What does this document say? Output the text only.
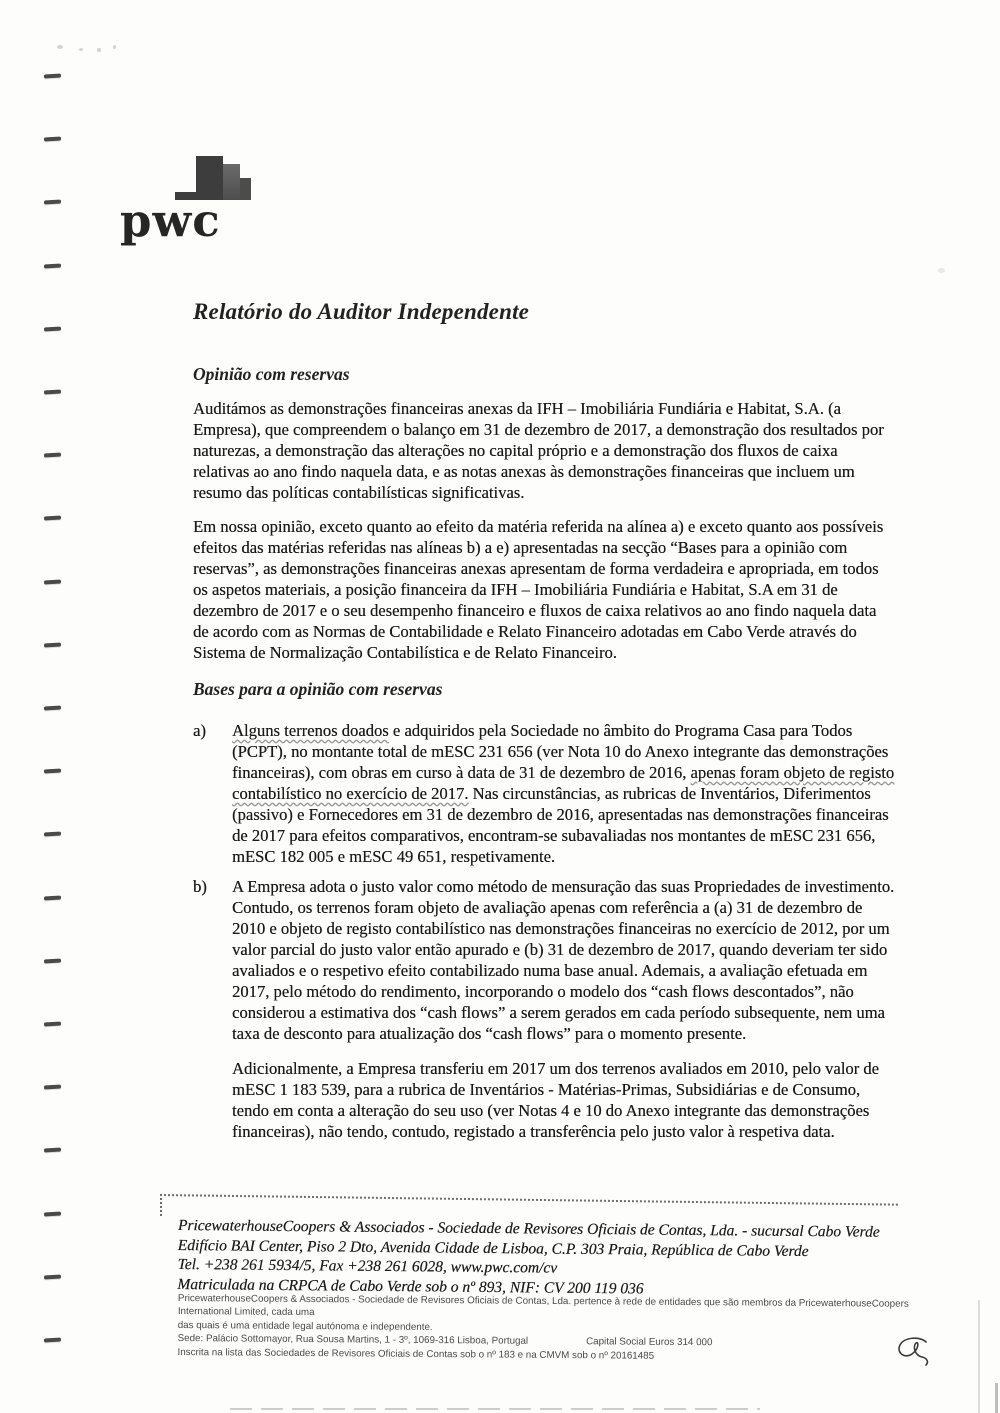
pwc
Relatório do Auditor Independente
Opinião com reservas

Auditámos as demonstrações financeiras anexas da IFH – Imobiliária Fundiária e Habitat, S.A. (a Empresa), que compreendem o balanço em 31 de dezembro de 2017, a demonstração dos resultados por naturezas, a demonstração das alterações no capital próprio e a demonstração dos fluxos de caixa relativas ao ano findo naquela data, e as notas anexas às demonstrações financeiras que incluem um resumo das políticas contabilísticas significativas.

Em nossa opinião, exceto quanto ao efeito da matéria referida na alínea a) e exceto quanto aos possíveis efeitos das matérias referidas nas alíneas b) a e) apresentadas na secção “Bases para a opinião com reservas”, as demonstrações financeiras anexas apresentam de forma verdadeira e apropriada, em todos os aspetos materiais, a posição financeira da IFH – Imobiliária Fundiária e Habitat, S.A em 31 de dezembro de 2017 e o seu desempenho financeiro e fluxos de caixa relativos ao ano findo naquela data de acordo com as Normas de Contabilidade e Relato Financeiro adotadas em Cabo Verde através do Sistema de Normalização Contabilística e de Relato Financeiro.

Bases para a opinião com reservas
a)	Alguns terrenos doados e adquiridos pela Sociedade no âmbito do Programa Casa para Todos (PCPT), no montante total de mESC 231 656 (ver Nota 10 do Anexo integrante das demonstrações financeiras), com obras em curso à data de 31 de dezembro de 2016, apenas foram objeto de registo contabilístico no exercício de 2017. Nas circunstâncias, as rubricas de Inventários, Diferimentos (passivo) e Fornecedores em 31 de dezembro de 2016, apresentadas nas demonstrações financeiras de 2017 para efeitos comparativos, encontram-se subavaliadas nos montantes de mESC 231 656, mESC 182 005 e mESC 49 651, respetivamente.
b)	A Empresa adota o justo valor como método de mensuração das suas Propriedades de investimento. Contudo, os terrenos foram objeto de avaliação apenas com referência a (a) 31 de dezembro de 2010 e objeto de registo contabilístico nas demonstrações financeiras no exercício de 2012, por um valor parcial do justo valor então apurado e (b) 31 de dezembro de 2017, quando deveriam ter sido avaliados e o respetivo efeito contabilizado numa base anual. Ademais, a avaliação efetuada em 2017, pelo método do rendimento, incorporando o modelo dos “cash flows descontados”, não considerou a estimativa dos “cash flows” a serem gerados em cada período subsequente, nem uma taxa de desconto para atualização dos “cash flows” para o momento presente.

Adicionalmente, a Empresa transferiu em 2017 um dos terrenos avaliados em 2010, pelo valor de mESC 1 183 539, para a rubrica de Inventários - Matérias-Primas, Subsidiárias e de Consumo, tendo em conta a alteração do seu uso (ver Notas 4 e 10 do Anexo integrante das demonstrações financeiras), não tendo, contudo, registado a transferência pelo justo valor à respetiva data.

PricewaterhouseCoopers & Associados - Sociedade de Revisores Oficiais de Contas, Lda. - sucursal Cabo Verde
Edifício BAI Center, Piso 2 Dto, Avenida Cidade de Lisboa, C.P. 303 Praia, República de Cabo Verde
Tel. +238 261 5934/5, Fax +238 261 6028, www.pwc.com/cv
Matriculada na CRPCA de Cabo Verde sob o nº 893, NIF: CV 200 119 036
PricewaterhouseCoopers & Associados - Sociedade de Revisores Oficiais de Contas, Lda. pertence à rede de entidades que são membros da PricewaterhouseCoopers International Limited, cada uma
das quais é uma entidade legal autónoma e independente.
Sede: Palácio Sottomayor, Rua Sousa Martins, 1 - 3º, 1069-316 Lisboa, Portugal	Capital Social Euros 314 000
Inscrita na lista das Sociedades de Revisores Oficiais de Contas sob o nº 183 e na CMVM sob o nº 20161485
